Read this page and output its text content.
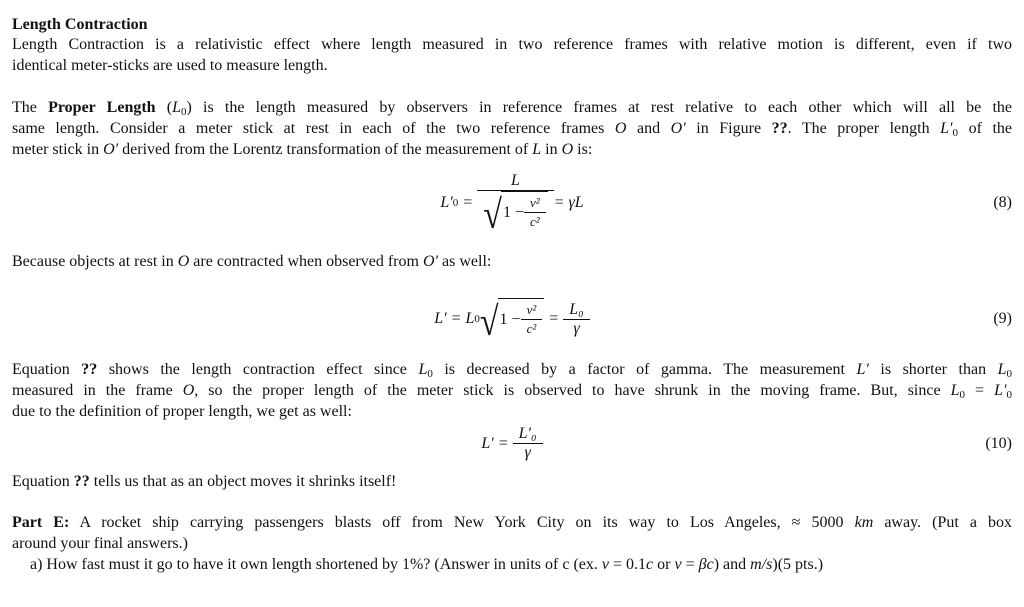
Length Contraction
Length Contraction is a relativistic effect where length measured in two reference frames with relative motion is different, even if two
identical meter-sticks are used to measure length.
The Proper Length $(L_0)$ is the length measured by observers in reference frames at rest relative to each other which will all be the
same length. Consider a meter stick at rest in each of the two reference frames O and O′ in Figure ??. The proper length $L'_0$ of the
meter stick in O′ derived from the Lorentz transformation of the measurement of L in O is:
Because objects at rest in O are contracted when observed from O′ as well:
Equation ?? shows the length contraction effect since $L_0$ is decreased by a factor of gamma. The measurement L′ is shorter than $L_0$
measured in the frame O, so the proper length of the meter stick is observed to have shrunk in the moving frame. But, since $L_0 = L'_0$
due to the definition of proper length, we get as well:
Equation ?? tells us that as an object moves it shrinks itself!
Part E: A rocket ship carrying passengers blasts off from New York City on its way to Los Angeles, ≈ 5000 km away. (Put a box
around your final answers.)
a) How fast must it go to have it own length shortened by 1%? (Answer in units of c (ex. v = 0.1c or v = βc) and m/s)(5 pts.)
L′ $0 = \frac{L}{√ 1 - \frac{\text{v²}}{\text{c²}}} = \gamma L$	(8)
L′ = L 0 √ $1 - \frac{\text{v²}}{\text{c²}} = \frac{\text{L₀}}{\gamma}$	(9)
$L' = \frac{\text{L′₀}}{\gamma}$	(10)
